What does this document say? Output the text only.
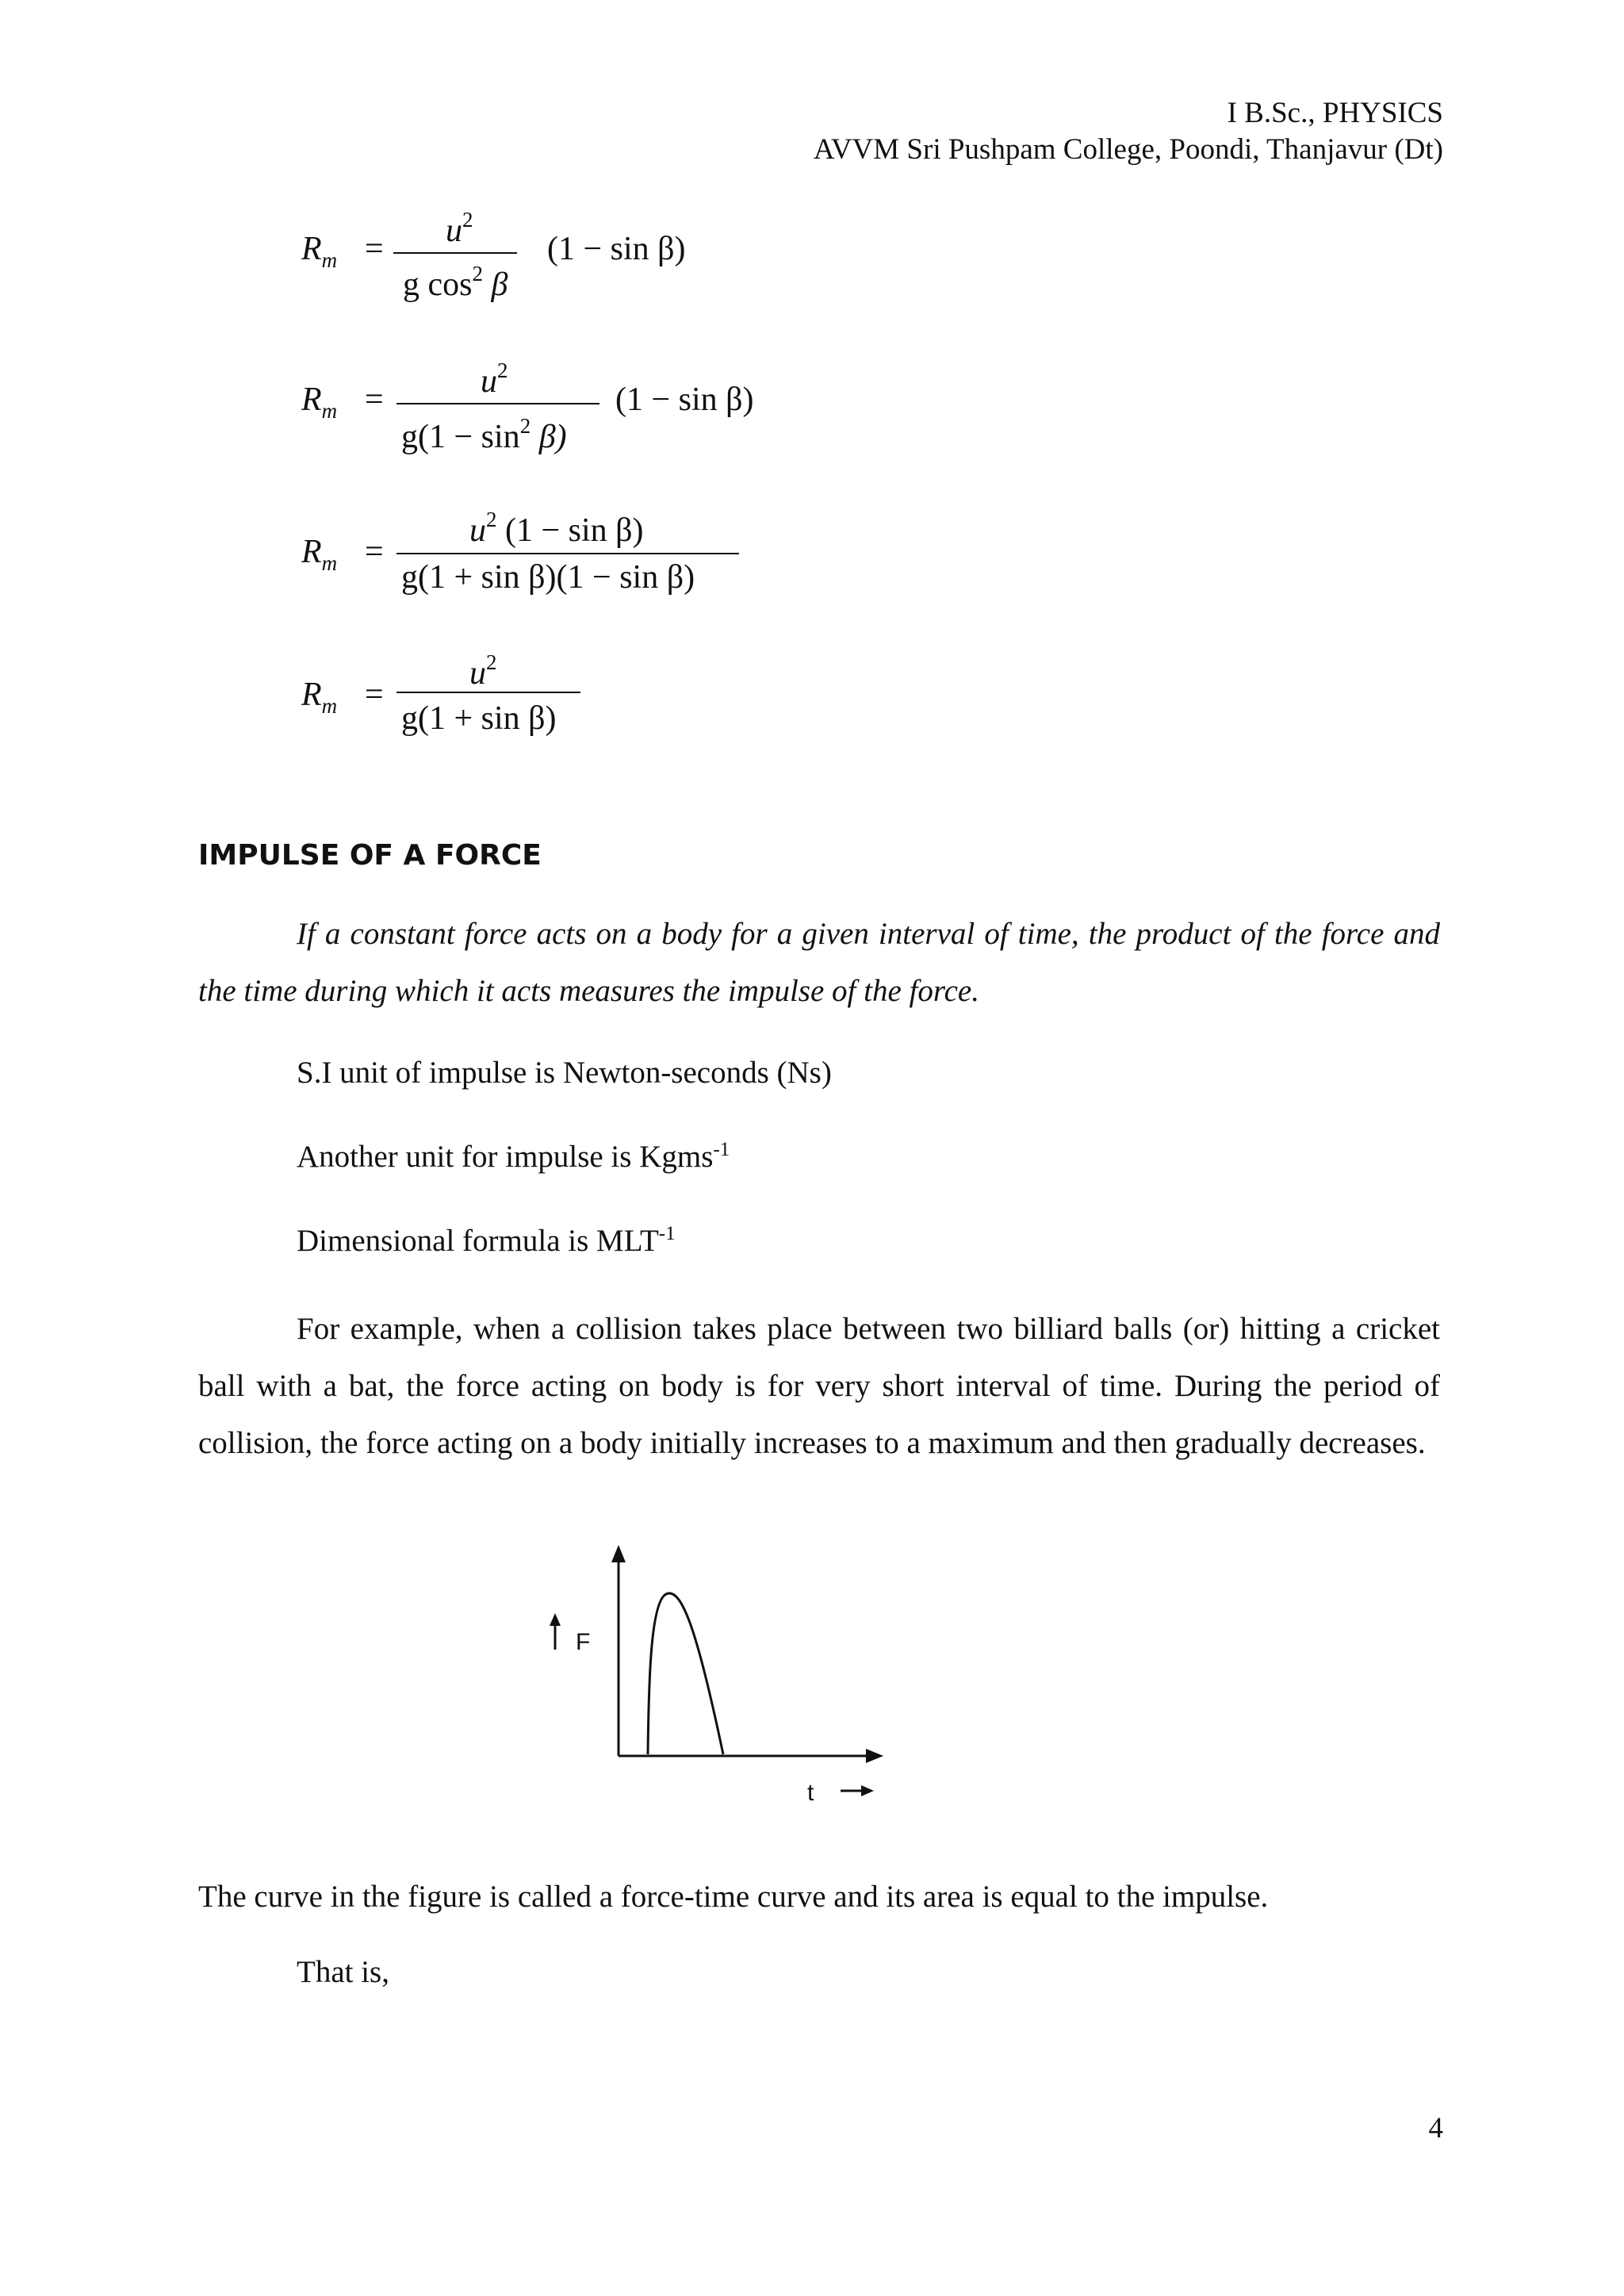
I B.Sc., PHYSICS
AVVM Sri Pushpam College, Poondi, Thanjavur (Dt)
$R_m = u^2$
g $\cos^2 \beta$
(1 − sin β)
$R_m$ =	$u^2$
$g(1 - \sin^2 \beta)$
(1 − sin β)
$R_m$ =
$u^2$ (1 − sin β)
g(1 + sin β)(1 − sin β)
$R_m$ =
$u^2$
g(1 + sin β)
IMPULSE OF A FORCE
If a constant force acts on a body for a given interval of time, the product of the force and the time during which it acts measures the impulse of the force.
S.I unit of impulse is Newton-seconds (Ns)
Another unit for impulse is Kgms$^{-1}$
Dimensional formula is $MLT^{-1}$
For example, when a collision takes place between two billiard balls (or) hitting a cricket ball with a bat, the force acting on body is for very short interval of time. During the period of collision, the force acting on a body initially increases to a maximum and then gradually decreases.
F
t
The curve in the figure is called a force-time curve and its area is equal to the impulse.
That is,
4
